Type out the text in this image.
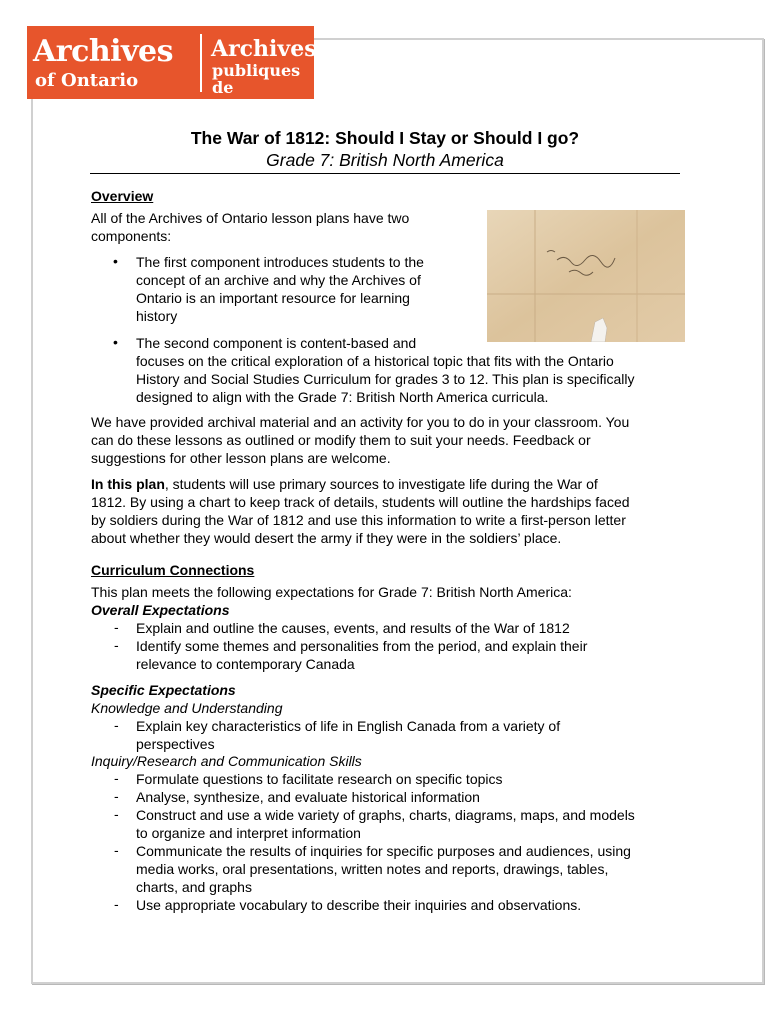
Archives
of Ontario
Archives
publiques
de l'Ontario
The War of 1812: Should I Stay or Should I go?
Grade 7: British North America
Overview
All of the Archives of Ontario lesson plans have two
components:
• The first component introduces students to the
concept of an archive and why the Archives of
Ontario is an important resource for learning
history
• The second component is content-based and
focuses on the critical exploration of a historical topic that fits with the Ontario
History and Social Studies Curriculum for grades 3 to 12. This plan is specifically
designed to align with the Grade 7: British North America curricula.
We have provided archival material and an activity for you to do in your classroom. You
can do these lessons as outlined or modify them to suit your needs. Feedback or
suggestions for other lesson plans are welcome.
In this plan, students will use primary sources to investigate life during the War of
1812. By using a chart to keep track of details, students will outline the hardships faced
by soldiers during the War of 1812 and use this information to write a first-person letter
about whether they would desert the army if they were in the soldiers’ place.
Curriculum Connections
This plan meets the following expectations for Grade 7: British North America:
Overall Expectations
- Explain and outline the causes, events, and results of the War of 1812
- Identify some themes and personalities from the period, and explain their
relevance to contemporary Canada
Specific Expectations
Knowledge and Understanding
- Explain key characteristics of life in English Canada from a variety of
perspectives
Inquiry/Research and Communication Skills
- Formulate questions to facilitate research on specific topics
- Analyse, synthesize, and evaluate historical information
- Construct and use a wide variety of graphs, charts, diagrams, maps, and models
to organize and interpret information
- Communicate the results of inquiries for specific purposes and audiences, using
media works, oral presentations, written notes and reports, drawings, tables,
charts, and graphs
- Use appropriate vocabulary to describe their inquiries and observations.
